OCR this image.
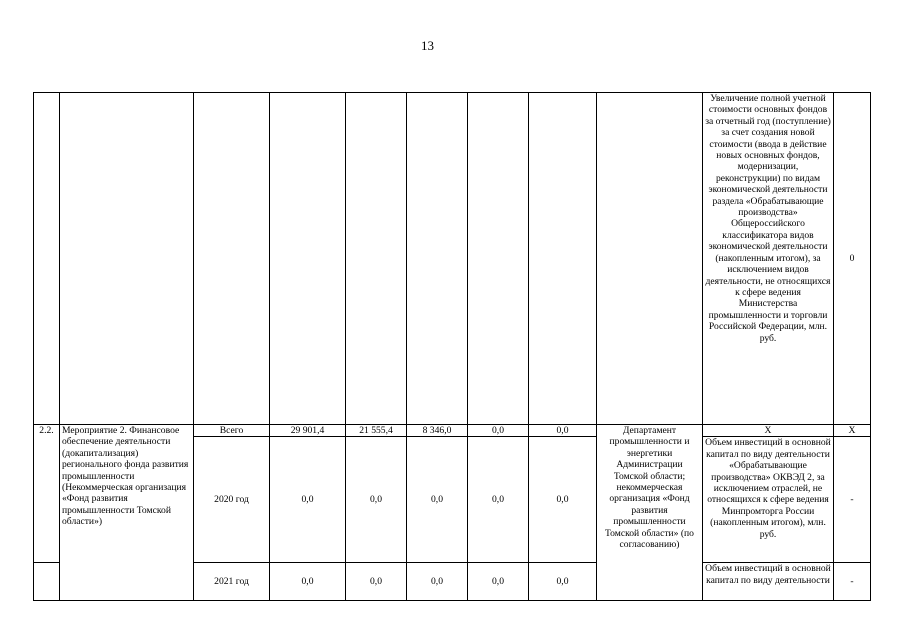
13
									Увеличение полной учетной стоимости основных фондов за отчетный год (поступление) за счет создания новой стоимости (ввода в действие новых основных фондов, модернизации, реконструкции) по видам экономической деятельности раздела «Обрабатывающие производства» Общероссийского классификатора видов экономической деятельности (накопленным итогом), за исключением видов деятельности, не относящихся к сфере ведения Министерства промышленности и торговли Российской Федерации, млн. руб.	0
2.2.	Мероприятие 2. Финансовое обеспечение деятельности (докапитализация) регионального фонда развития промышленности (Некоммерческая организация «Фонд развития промышленности Томской области»)	Всего	29 901,4	21 555,4	8 346,0	0,0	0,0	Департамент промышленности и энергетики Администрации Томской области; некоммерческая организация «Фонд развития промышленности Томской области» (по согласованию)	Х	Х
		2020 год	0,0	0,0	0,0	0,0	0,0		Объем инвестиций в основной капитал по виду деятельности «Обрабатывающие производства» ОКВЭД 2, за исключением отраслей, не относящихся к сфере ведения Минпромторга России (накопленным итогом), млн. руб.	-
		2021 год	0,0	0,0	0,0	0,0	0,0		Объем инвестиций в основной капитал по виду деятельности	-
